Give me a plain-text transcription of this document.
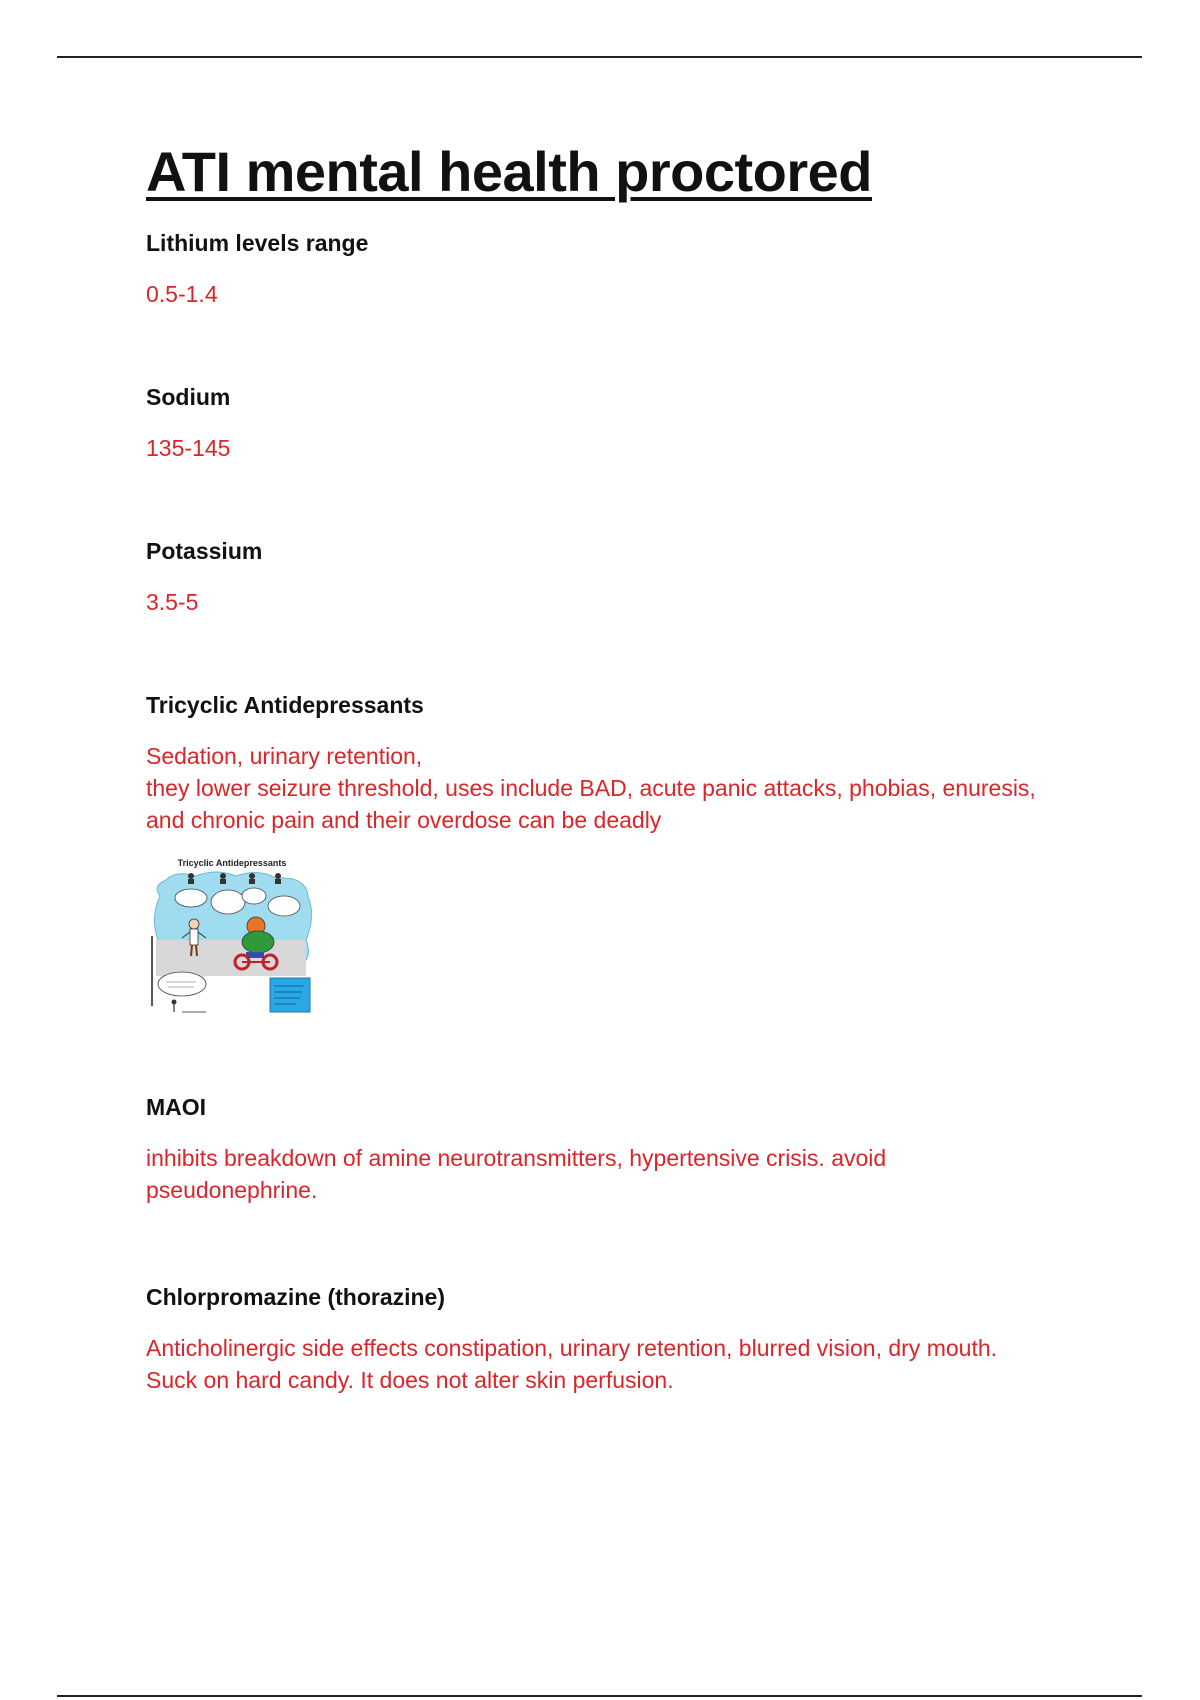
ATI mental health proctored

Lithium levels range

0.5-1.4

Sodium

135-145

Potassium

3.5-5

Tricyclic Antidepressants

Sedation, urinary retention,
they lower seizure threshold, uses include BAD, acute panic attacks, phobias, enuresis,
and chronic pain and their overdose can be deadly

Tricyclic Antidepressants

MAOI

inhibits breakdown of amine neurotransmitters, hypertensive crisis. avoid
pseudonephrine.

Chlorpromazine (thorazine)

Anticholinergic side effects constipation, urinary retention, blurred vision, dry mouth.
Suck on hard candy. It does not alter skin perfusion.
